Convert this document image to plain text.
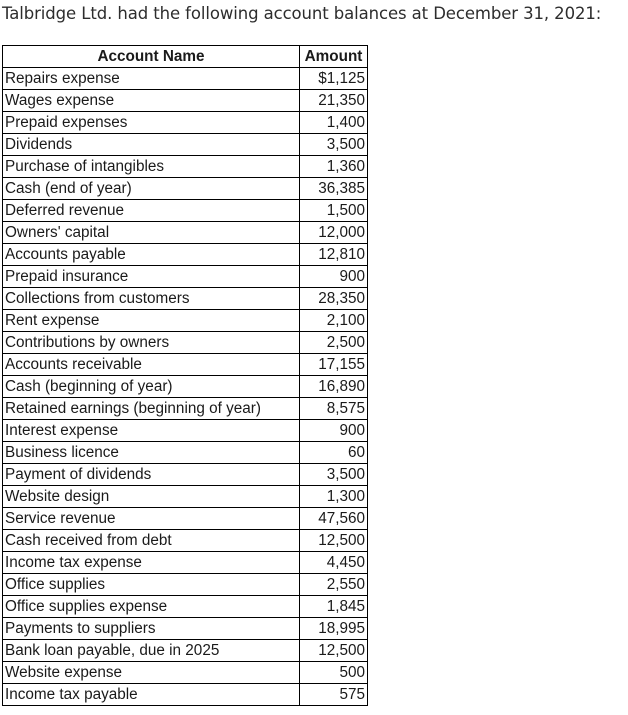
Talbridge Ltd. had the following account balances at December 31, 2021:
Account Name	Amount
Repairs expense	$1,125
Wages expense	21,350
Prepaid expenses	1,400
Dividends	3,500
Purchase of intangibles	1,360
Cash (end of year)	36,385
Deferred revenue	1,500
Owners' capital	12,000
Accounts payable	12,810
Prepaid insurance	900
Collections from customers	28,350
Rent expense	2,100
Contributions by owners	2,500
Accounts receivable	17,155
Cash (beginning of year)	16,890
Retained earnings (beginning of year)	8,575
Interest expense	900
Business licence	60
Payment of dividends	3,500
Website design	1,300
Service revenue	47,560
Cash received from debt	12,500
Income tax expense	4,450
Office supplies	2,550
Office supplies expense	1,845
Payments to suppliers	18,995
Bank loan payable, due in 2025	12,500
Website expense	500
Income tax payable	575
